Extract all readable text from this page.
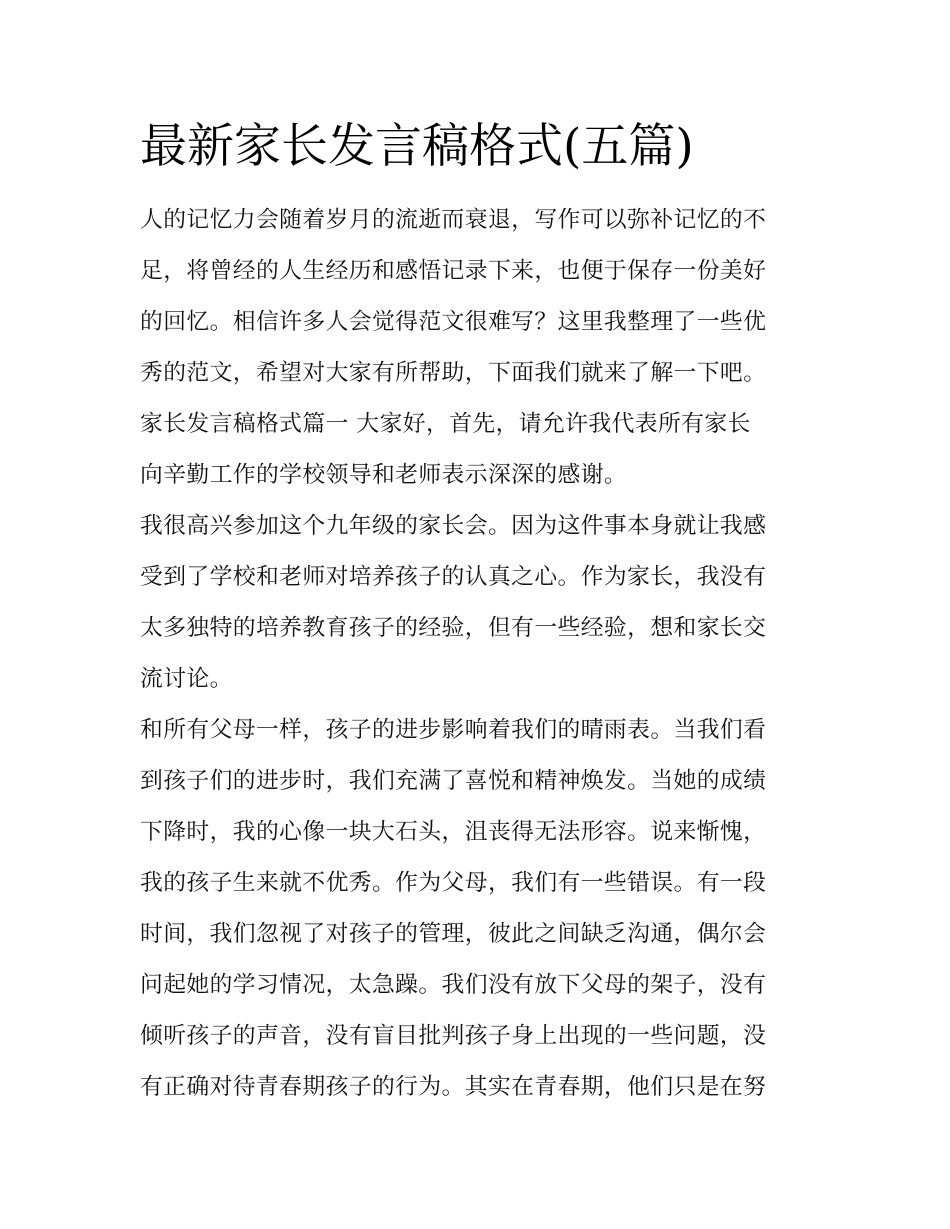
最新家长发言稿格式(五篇)

人的记忆力会随着岁月的流逝而衰退，写作可以弥补记忆的不

足，将曾经的人生经历和感悟记录下来，也便于保存一份美好

的回忆。相信许多人会觉得范文很难写？这里我整理了一些优

秀的范文，希望对大家有所帮助，下面我们就来了解一下吧。

家长发言稿格式篇一 大家好，首先，请允许我代表所有家长

向辛勤工作的学校领导和老师表示深深的感谢。

我很高兴参加这个九年级的家长会。因为这件事本身就让我感

受到了学校和老师对培养孩子的认真之心。作为家长，我没有

太多独特的培养教育孩子的经验，但有一些经验，想和家长交

流讨论。

和所有父母一样，孩子的进步影响着我们的晴雨表。当我们看

到孩子们的进步时，我们充满了喜悦和精神焕发。当她的成绩

下降时，我的心像一块大石头，沮丧得无法形容。说来惭愧，

我的孩子生来就不优秀。作为父母，我们有一些错误。有一段

时间，我们忽视了对孩子的管理，彼此之间缺乏沟通，偶尔会

问起她的学习情况，太急躁。我们没有放下父母的架子，没有

倾听孩子的声音，没有盲目批判孩子身上出现的一些问题，没

有正确对待青春期孩子的行为。其实在青春期，他们只是在努
